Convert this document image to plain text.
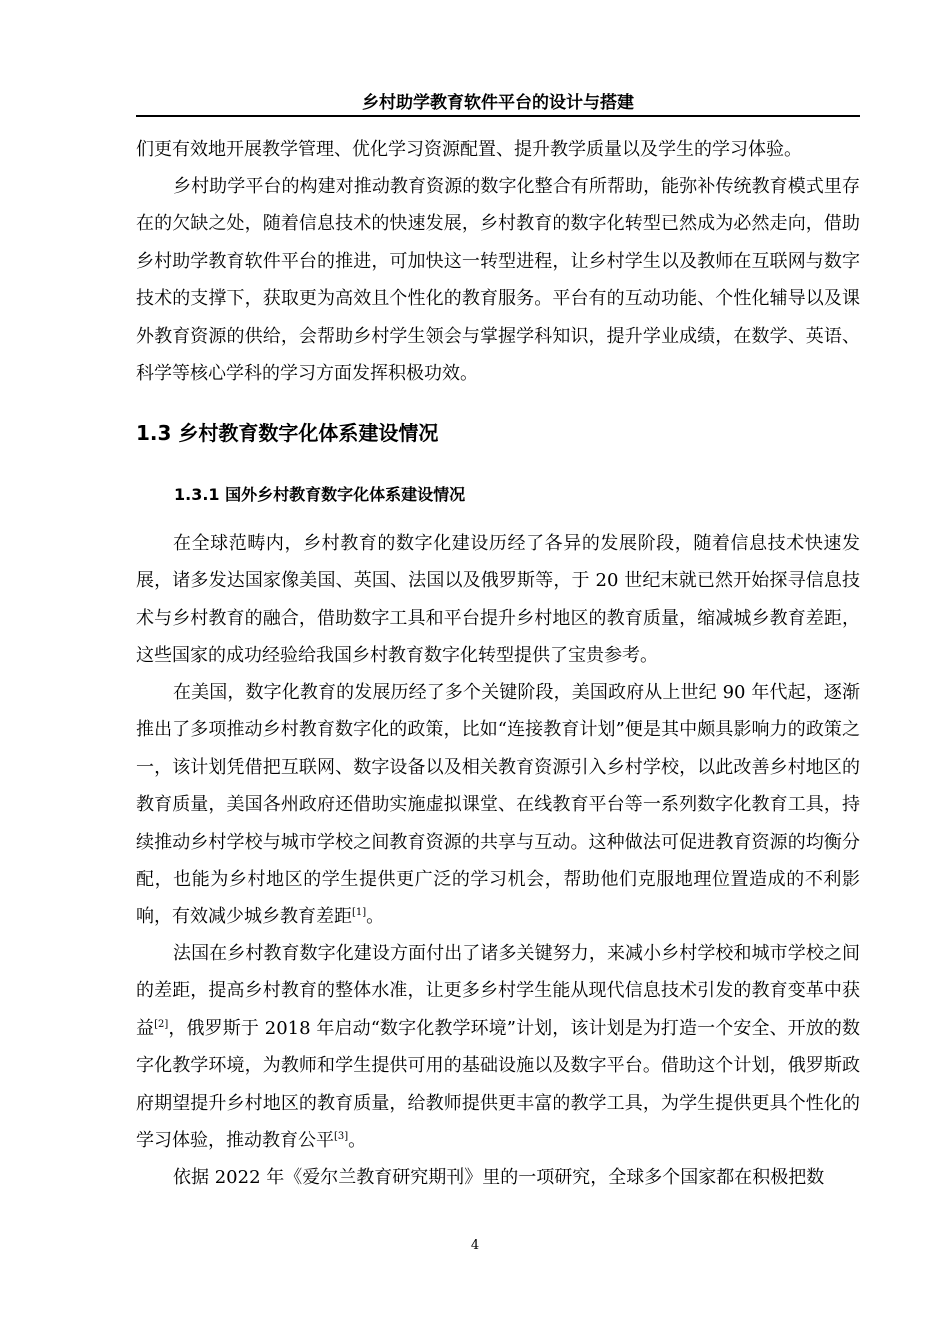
乡村助学教育软件平台的设计与搭建

们更有效地开展教学管理、优化学习资源配置、提升教学质量以及学生的学习体验。

乡村助学平台的构建对推动教育资源的数字化整合有所帮助，能弥补传统教育模式里存在的欠缺之处，随着信息技术的快速发展，乡村教育的数字化转型已然成为必然走向，借助乡村助学教育软件平台的推进，可加快这一转型进程，让乡村学生以及教师在互联网与数字技术的支撑下，获取更为高效且个性化的教育服务。平台有的互动功能、个性化辅导以及课外教育资源的供给，会帮助乡村学生领会与掌握学科知识，提升学业成绩，在数学、英语、科学等核心学科的学习方面发挥积极功效。

1.3 乡村教育数字化体系建设情况
1.3.1 国外乡村教育数字化体系建设情况

在全球范畴内，乡村教育的数字化建设历经了各异的发展阶段，随着信息技术快速发展，诸多发达国家像美国、英国、法国以及俄罗斯等，于 20 世纪末就已然开始探寻信息技术与乡村教育的融合，借助数字工具和平台提升乡村地区的教育质量，缩减城乡教育差距，这些国家的成功经验给我国乡村教育数字化转型提供了宝贵参考。

在美国，数字化教育的发展历经了多个关键阶段，美国政府从上世纪 90 年代起，逐渐推出了多项推动乡村教育数字化的政策，比如“连接教育计划”便是其中颇具影响力的政策之一，该计划凭借把互联网、数字设备以及相关教育资源引入乡村学校，以此改善乡村地区的教育质量，美国各州政府还借助实施虚拟课堂、在线教育平台等一系列数字化教育工具，持续推动乡村学校与城市学校之间教育资源的共享与互动。这种做法可促进教育资源的均衡分配，也能为乡村地区的学生提供更广泛的学习机会，帮助他们克服地理位置造成的不利影响，有效减少城乡教育差距[1]。

法国在乡村教育数字化建设方面付出了诸多关键努力，来减小乡村学校和城市学校之间的差距，提高乡村教育的整体水准，让更多乡村学生能从现代信息技术引发的教育变革中获益[2]，俄罗斯于 2018 年启动“数字化教学环境”计划，该计划是为打造一个安全、开放的数字化教学环境，为教师和学生提供可用的基础设施以及数字平台。借助这个计划，俄罗斯政府期望提升乡村地区的教育质量，给教师提供更丰富的教学工具，为学生提供更具个性化的学习体验，推动教育公平[3]。

依据 2022 年《爱尔兰教育研究期刊》里的一项研究，全球多个国家都在积极把数

4
